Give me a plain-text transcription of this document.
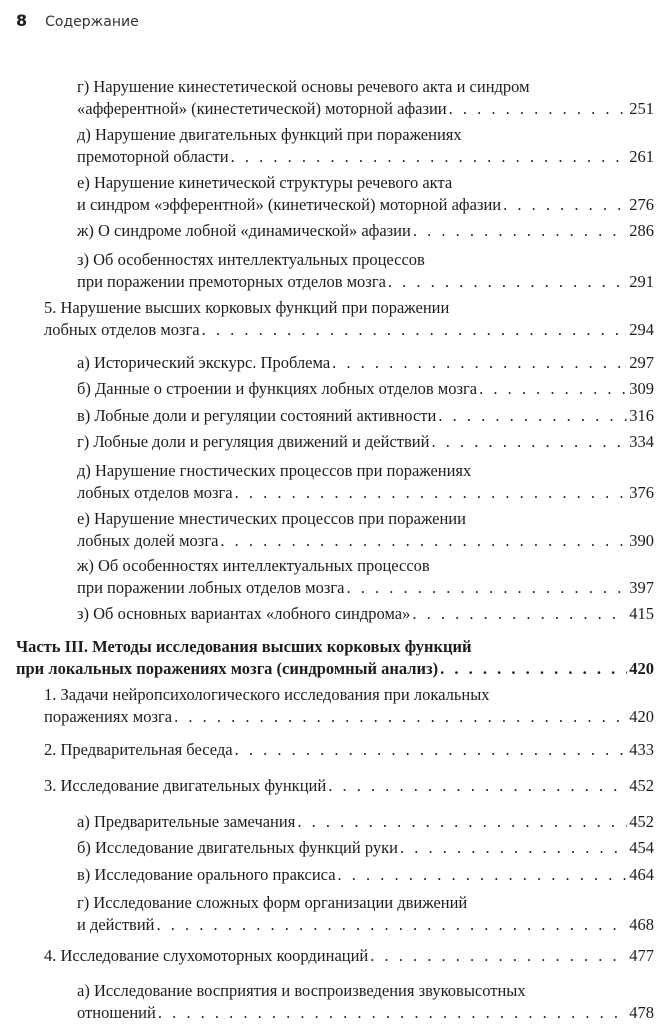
8 Содержание
г) Нарушение кинестетической основы речевого акта и синдром
«афферентной» (кинестетической) моторной афазии . . .	251
д) Нарушение двигательных функций при поражениях
премоторной области . . .	261
е) Нарушение кинетической структуры речевого акта
и синдром «эфферентной» (кинетической) моторной афазии . . .	276
ж) О синдроме лобной «динамической» афазии . . .	286
з) Об особенностях интеллектуальных процессов
при поражении премоторных отделов мозга . . .	291
5. Нарушение высших корковых функций при поражении
лобных отделов мозга . . .	294
а) Исторический экскурс. Проблема . . .	297
б) Данные о строении и функциях лобных отделов мозга . . .	309
в) Лобные доли и регуляции состояний активности . . .	316
г) Лобные доли и регуляция движений и действий . . .	334
д) Нарушение гностических процессов при поражениях
лобных отделов мозга . . .	376
е) Нарушение мнестических процессов при поражении
лобных долей мозга . . .	390
ж) Об особенностях интеллектуальных процессов
при поражении лобных отделов мозга . . .	397
з) Об основных вариантах «лобного синдрома» . . .	415
Часть III. Методы исследования высших корковых функций
при локальных поражениях мозга (синдромный анализ) . . .	420
1. Задачи нейропсихологического исследования при локальных
поражениях мозга . . .	420
2. Предварительная беседа . . .	433
3. Исследование двигательных функций . . .	452
а) Предварительные замечания . . .	452
б) Исследование двигательных функций руки . . .	454
в) Исследование орального праксиса . . .	464
г) Исследование сложных форм организации движений
и действий . . .	468
4. Исследование слухомоторных координаций . . .	477
а) Исследование восприятия и воспроизведения звуковысотных
отношений . . .	478
